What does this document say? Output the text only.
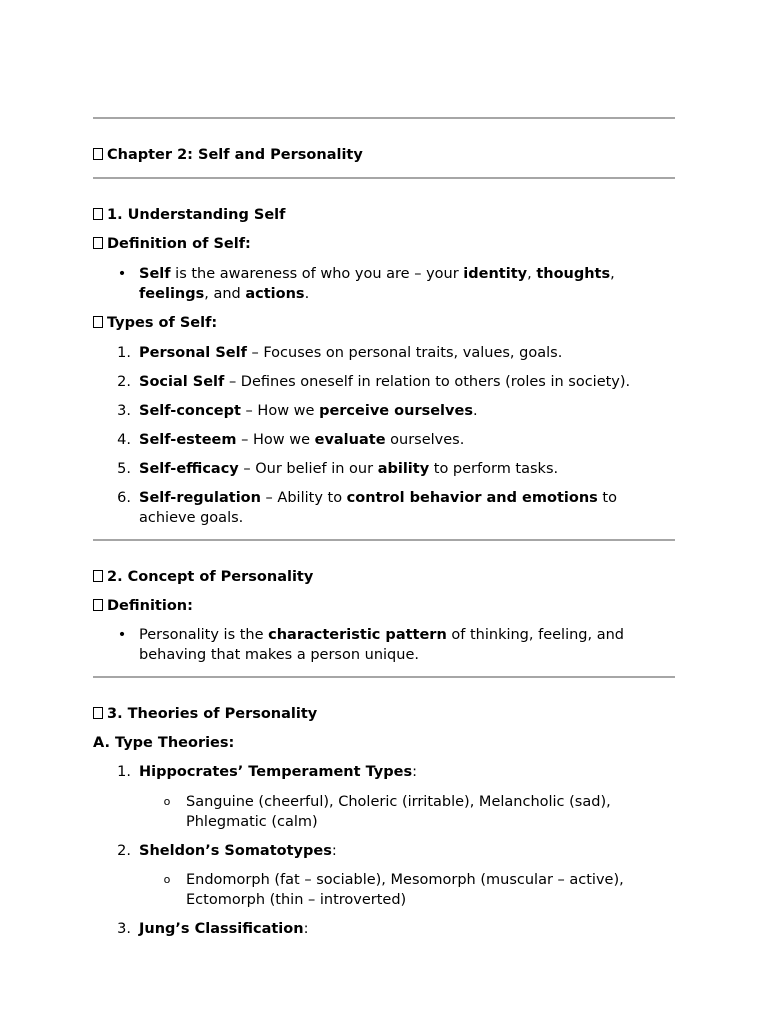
Chapter 2: Self and Personality
1. Understanding Self
Definition of Self:
• Self is the awareness of who you are – your identity, thoughts,
feelings, and actions.
Types of Self:
1. Personal Self – Focuses on personal traits, values, goals.
2. Social Self – Defines oneself in relation to others (roles in society).
3. Self-concept – How we perceive ourselves.
4. Self-esteem – How we evaluate ourselves.
5. Self-efficacy – Our belief in our ability to perform tasks.
6. Self-regulation – Ability to control behavior and emotions to
achieve goals.
2. Concept of Personality
Definition:
• Personality is the characteristic pattern of thinking, feeling, and
behaving that makes a person unique.
3. Theories of Personality
A. Type Theories:
1. Hippocrates’ Temperament Types:
o Sanguine (cheerful), Choleric (irritable), Melancholic (sad),
Phlegmatic (calm)
2. Sheldon’s Somatotypes:
o Endomorph (fat – sociable), Mesomorph (muscular – active),
Ectomorph (thin – introverted)
3. Jung’s Classification:
